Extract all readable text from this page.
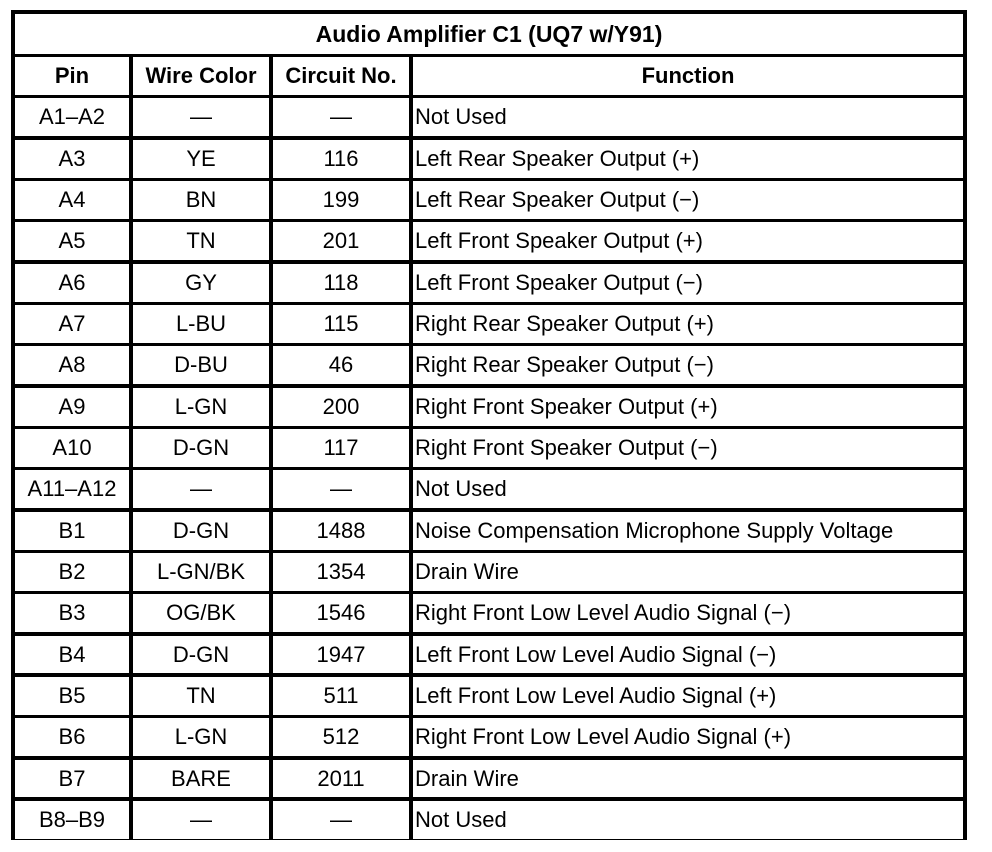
Audio Amplifier C1 (UQ7 w/Y91)
Pin	Wire Color	Circuit No.	Function
A1–A2	—	—	Not Used
A3	YE	116	Left Rear Speaker Output (+)
A4	BN	199	Left Rear Speaker Output (−)
A5	TN	201	Left Front Speaker Output (+)
A6	GY	118	Left Front Speaker Output (−)
A7	L-BU	115	Right Rear Speaker Output (+)
A8	D-BU	46	Right Rear Speaker Output (−)
A9	L-GN	200	Right Front Speaker Output (+)
A10	D-GN	117	Right Front Speaker Output (−)
A11–A12	—	—	Not Used
B1	D-GN	1488	Noise Compensation Microphone Supply Voltage
B2	L-GN/BK	1354	Drain Wire
B3	OG/BK	1546	Right Front Low Level Audio Signal (−)
B4	D-GN	1947	Left Front Low Level Audio Signal (−)
B5	TN	511	Left Front Low Level Audio Signal (+)
B6	L-GN	512	Right Front Low Level Audio Signal (+)
B7	BARE	2011	Drain Wire
B8–B9	—	—	Not Used
